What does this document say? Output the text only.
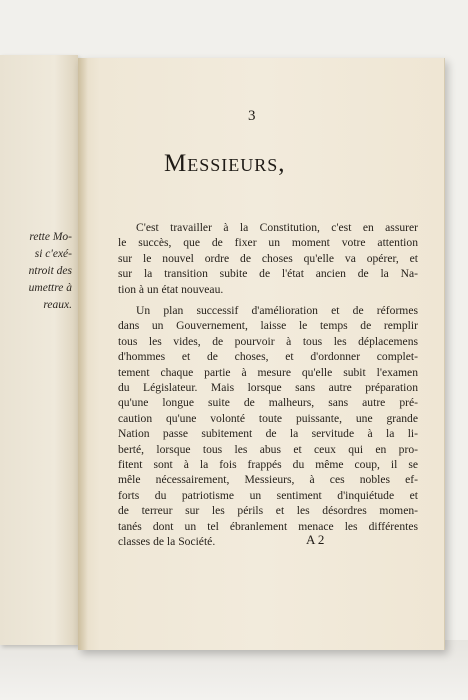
rette Mo-
si c'exé-
ntroit des
umettre à
reaux.
3
Messieurs,
C'est travailler à la Constitution, c'est en assurer
le succès, que de fixer un moment votre attention
sur le nouvel ordre de choses qu'elle va opérer, et
sur la transition subite de l'état ancien de la Na-
tion à un état nouveau.
Un plan successif d'amélioration et de réformes
dans un Gouvernement, laisse le temps de remplir
tous les vides, de pourvoir à tous les déplacemens
d'hommes et de choses, et d'ordonner complet-
tement chaque partie à mesure qu'elle subit l'examen
du Législateur. Mais lorsque sans autre préparation
qu'une longue suite de malheurs, sans autre pré-
caution qu'une volonté toute puissante, une grande
Nation passe subitement de la servitude à la li-
berté, lorsque tous les abus et ceux qui en pro-
fitent sont à la fois frappés du même coup, il se
mêle nécessairement, Messieurs, à ces nobles ef-
forts du patriotisme un sentiment d'inquiétude et
de terreur sur les périls et les désordres momen-
tanés dont un tel ébranlement menace les différentes
classes de la Société.	A 2
